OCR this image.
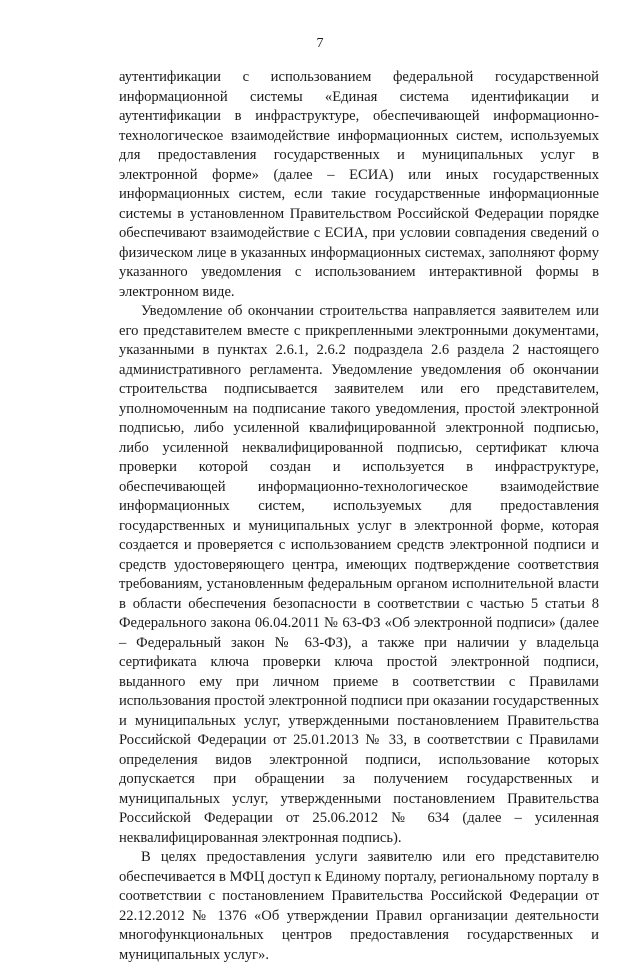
7

аутентификации с использованием федеральной государственной информационной системы «Единая система идентификации и аутентификации в инфраструктуре, обеспечивающей информационно-технологическое взаимодействие информационных систем, используемых для предоставления государственных и муниципальных услуг в электронной форме» (далее – ЕСИА) или иных государственных информационных систем, если такие государственные информационные системы в установленном Правительством Российской Федерации порядке обеспечивают взаимодействие с ЕСИА, при условии совпадения сведений о физическом лице в указанных информационных системах, заполняют форму указанного уведомления с использованием интерактивной формы в электронном виде.

Уведомление об окончании строительства направляется заявителем или его представителем вместе с прикрепленными электронными документами, указанными в пунктах 2.6.1, 2.6.2 подраздела 2.6 раздела 2 настоящего административного регламента. Уведомление уведомления об окончании строительства подписывается заявителем или его представителем, уполномоченным на подписание такого уведомления, простой электронной подписью, либо усиленной квалифицированной электронной подписью, либо усиленной неквалифицированной подписью, сертификат ключа проверки которой создан и используется в инфраструктуре, обеспечивающей информационно-технологическое взаимодействие информационных систем, используемых для предоставления государственных и муниципальных услуг в электронной форме, которая создается и проверяется с использованием средств электронной подписи и средств удостоверяющего центра, имеющих подтверждение соответствия требованиям, установленным федеральным органом исполнительной власти в области обеспечения безопасности в соответствии с частью 5 статьи 8 Федерального закона 06.04.2011 № 63-ФЗ «Об электронной подписи» (далее – Федеральный закон № 63-ФЗ), а также при наличии у владельца сертификата ключа проверки ключа простой электронной подписи, выданного ему при личном приеме в соответствии с Правилами использования простой электронной подписи при оказании государственных и муниципальных услуг, утвержденными постановлением Правительства Российской Федерации от 25.01.2013 № 33, в соответствии с Правилами определения видов электронной подписи, использование которых допускается при обращении за получением государственных и муниципальных услуг, утвержденными постановлением Правительства Российской Федерации от 25.06.2012 № 634 (далее – усиленная неквалифицированная электронная подпись).

В целях предоставления услуги заявителю или его представителю обеспечивается в МФЦ доступ к Единому порталу, региональному порталу в соответствии с постановлением Правительства Российской Федерации от 22.12.2012 № 1376 «Об утверждении Правил организации деятельности многофункциональных центров предоставления государственных и муниципальных услуг».
